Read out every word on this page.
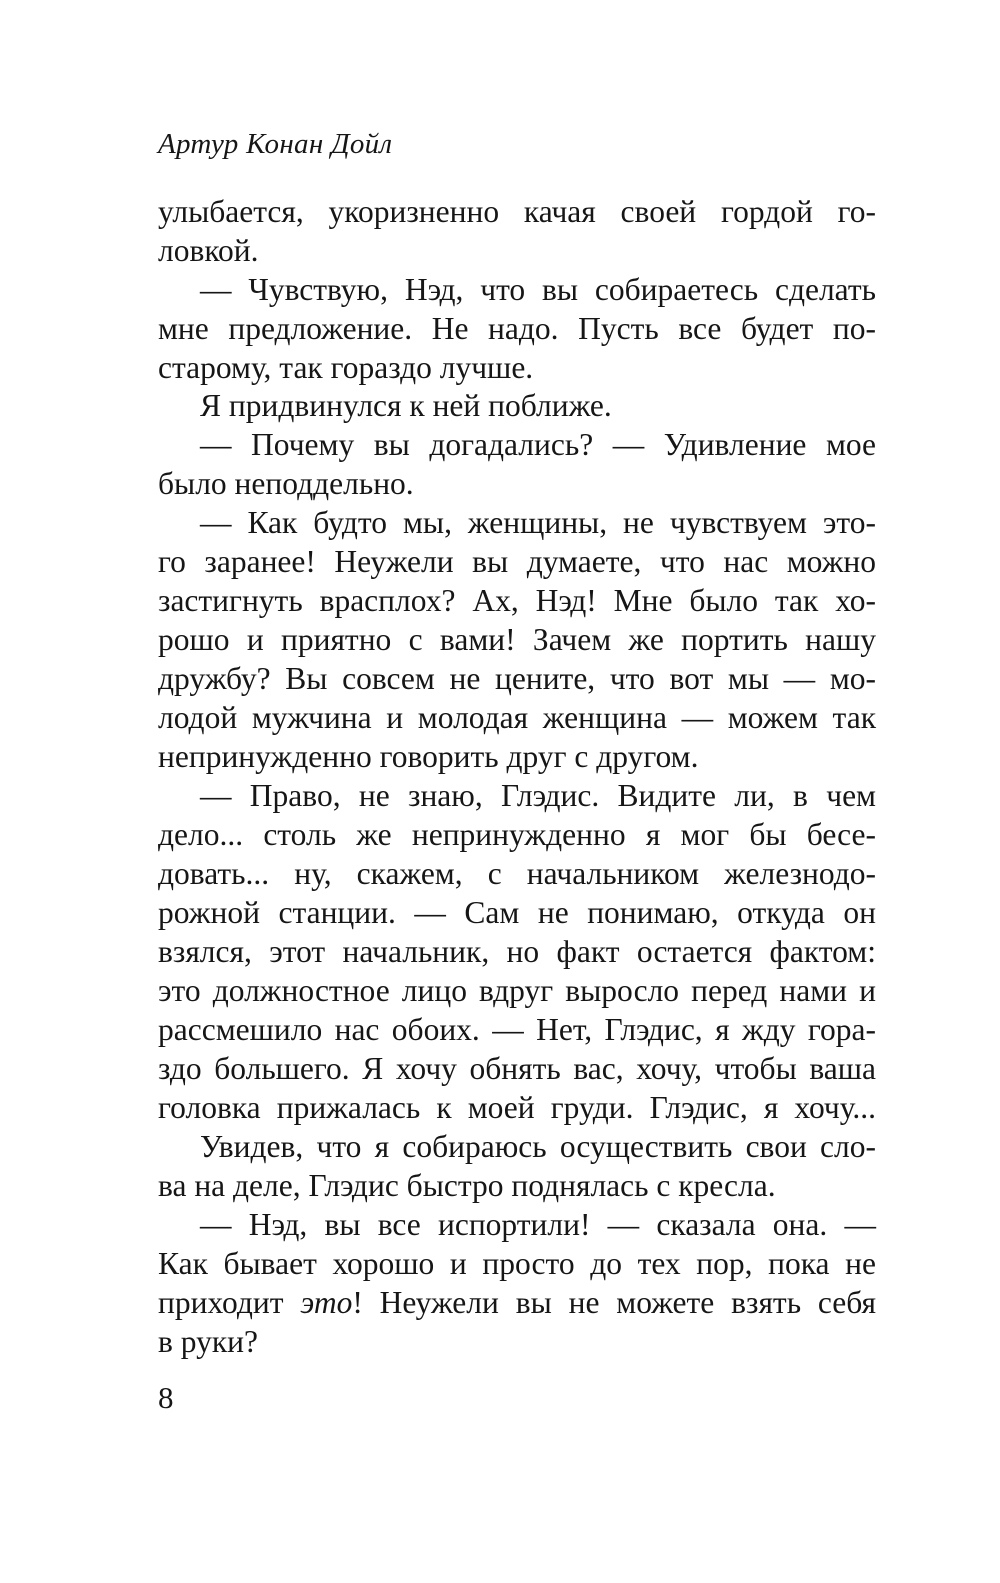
Артур Конан Дойл
улыбается, укоризненно качая своей гордой го-
ловкой.
— Чувствую, Нэд, что вы собираетесь сделать
мне предложение. Не надо. Пусть все будет по-
старому, так гораздо лучше.
Я придвинулся к ней поближе.
— Почему вы догадались? — Удивление мое
было неподдельно.
— Как будто мы, женщины, не чувствуем это-
го заранее! Неужели вы думаете, что нас можно
застигнуть врасплох? Ах, Нэд! Мне было так хо-
рошо и приятно с вами! Зачем же портить нашу
дружбу? Вы совсем не цените, что вот мы — мо-
лодой мужчина и молодая женщина — можем так
непринужденно говорить друг с другом.
— Право, не знаю, Глэдис. Видите ли, в чем
дело... столь же непринужденно я мог бы бесе-
довать... ну, скажем, с начальником железнодо-
рожной станции. — Сам не понимаю, откуда он
взялся, этот начальник, но факт остается фактом:
это должностное лицо вдруг выросло перед нами и
рассмешило нас обоих. — Нет, Глэдис, я жду гора-
здо большего. Я хочу обнять вас, хочу, чтобы ваша
головка прижалась к моей груди. Глэдис, я хочу...
Увидев, что я собираюсь осуществить свои сло-
ва на деле, Глэдис быстро поднялась с кресла.
— Нэд, вы все испортили! — сказала она. —
Как бывает хорошо и просто до тех пор, пока не
приходит это! Неужели вы не можете взять себя
в руки?
8
